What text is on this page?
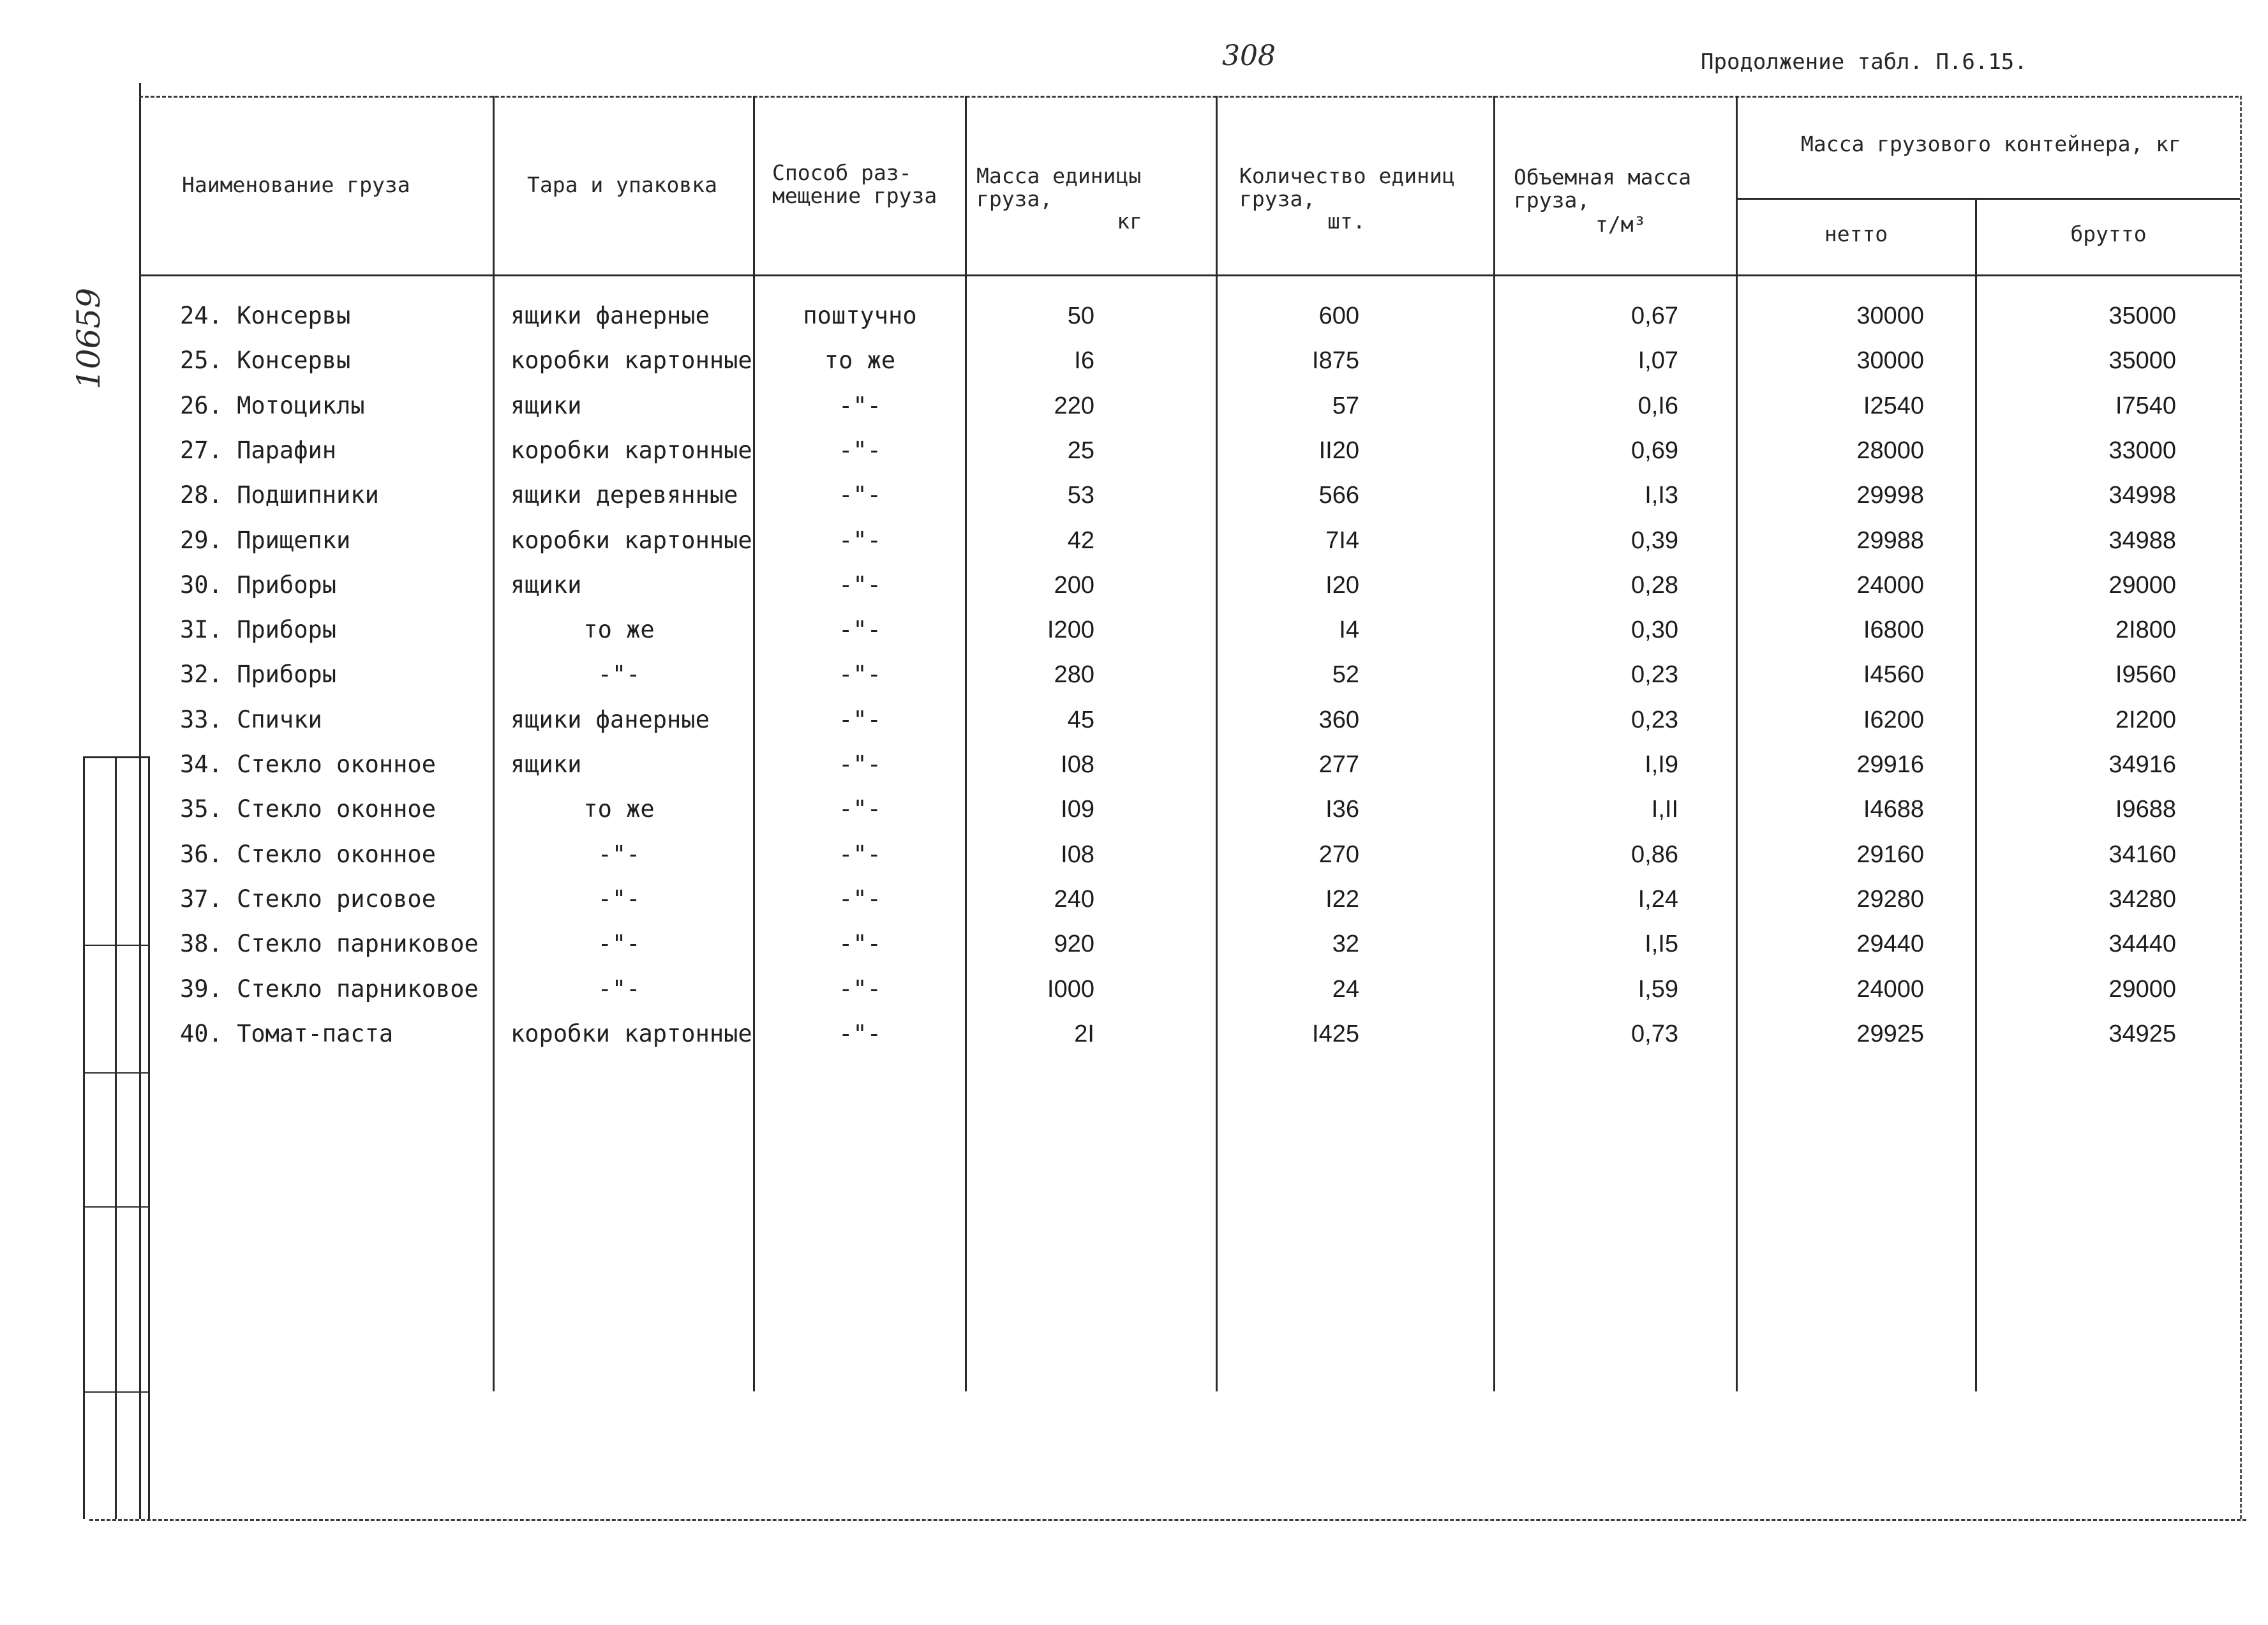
308	Продолжение табл. П.6.15.
10659
Наименование груза	Тара и упаковка	Способ раз-мещение груза
Масса единицы груза,
кг
Количество единиц груза,
шт.
Объемная масса груза,
т/м³
Масса грузового контейнера, кг
нетто	брутто
24. Консервы	ящики фанерные	поштучно	50	600	0,67	30000	35000
25. Консервы	коробки картонные	то же	I6	I875	I,07	30000	35000
26. Мотоциклы	ящики	-"-	220	57	0,I6	I2540	I7540
27. Парафин	коробки картонные	-"-	25	II20	0,69	28000	33000
28. Подшипники	ящики деревянные	-"-	53	566	I,I3	29998	34998
29. Прищепки	коробки картонные	-"-	42	7I4	0,39	29988	34988
30. Приборы	ящики	-"-	200	I20	0,28	24000	29000
3I. Приборы	то же	-"-	I200	I4	0,30	I6800	2I800
32. Приборы	-"-	-"-	280	52	0,23	I4560	I9560
33. Спички	ящики фанерные	-"-	45	360	0,23	I6200	2I200
34. Стекло оконное	ящики	-"-	I08	277	I,I9	29916	34916
35. Стекло оконное	то же	-"-	I09	I36	I,II	I4688	I9688
36. Стекло оконное	-"-	-"-	I08	270	0,86	29160	34160
37. Стекло рисовое	-"-	-"-	240	I22	I,24	29280	34280
38. Стекло парниковое	-"-	-"-	920	32	I,I5	29440	34440
39. Стекло парниковое	-"-	-"-	I000	24	I,59	24000	29000
40. Томат-паста	коробки картонные	-"-	2I	I425	0,73	29925	34925
